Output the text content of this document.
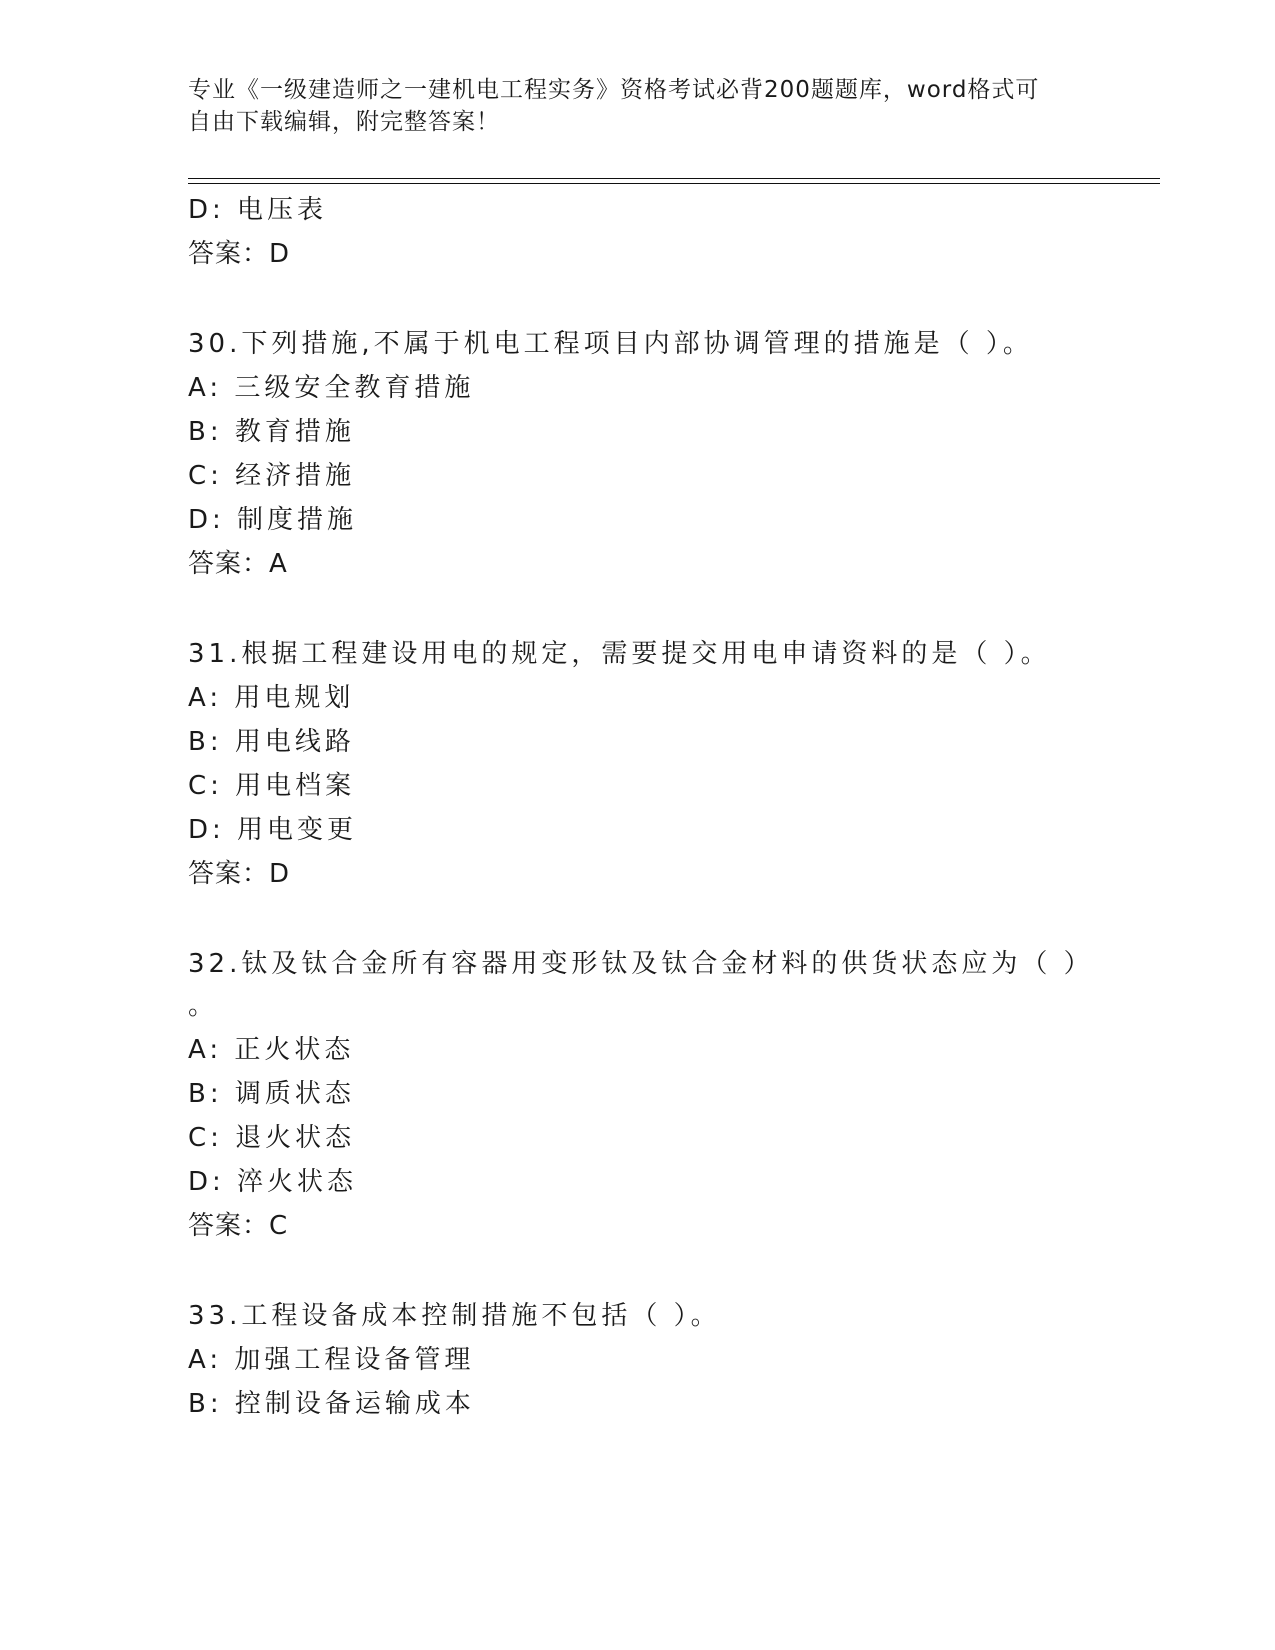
专业《一级建造师之一建机电工程实务》资格考试必背200题题库，word格式可
自由下载编辑，附完整答案！
D: 电压表
答案：D
30.下列措施,不属于机电工程项目内部协调管理的措施是（ ）。
A: 三级安全教育措施
B: 教育措施
C: 经济措施
D: 制度措施
答案：A
31.根据工程建设用电的规定，需要提交用电申请资料的是（ ）。
A: 用电规划
B: 用电线路
C: 用电档案
D: 用电变更
答案：D
32.钛及钛合金所有容器用变形钛及钛合金材料的供货状态应为（ ）
。
A: 正火状态
B: 调质状态
C: 退火状态
D: 淬火状态
答案：C
33.工程设备成本控制措施不包括（ ）。
A: 加强工程设备管理
B: 控制设备运输成本
